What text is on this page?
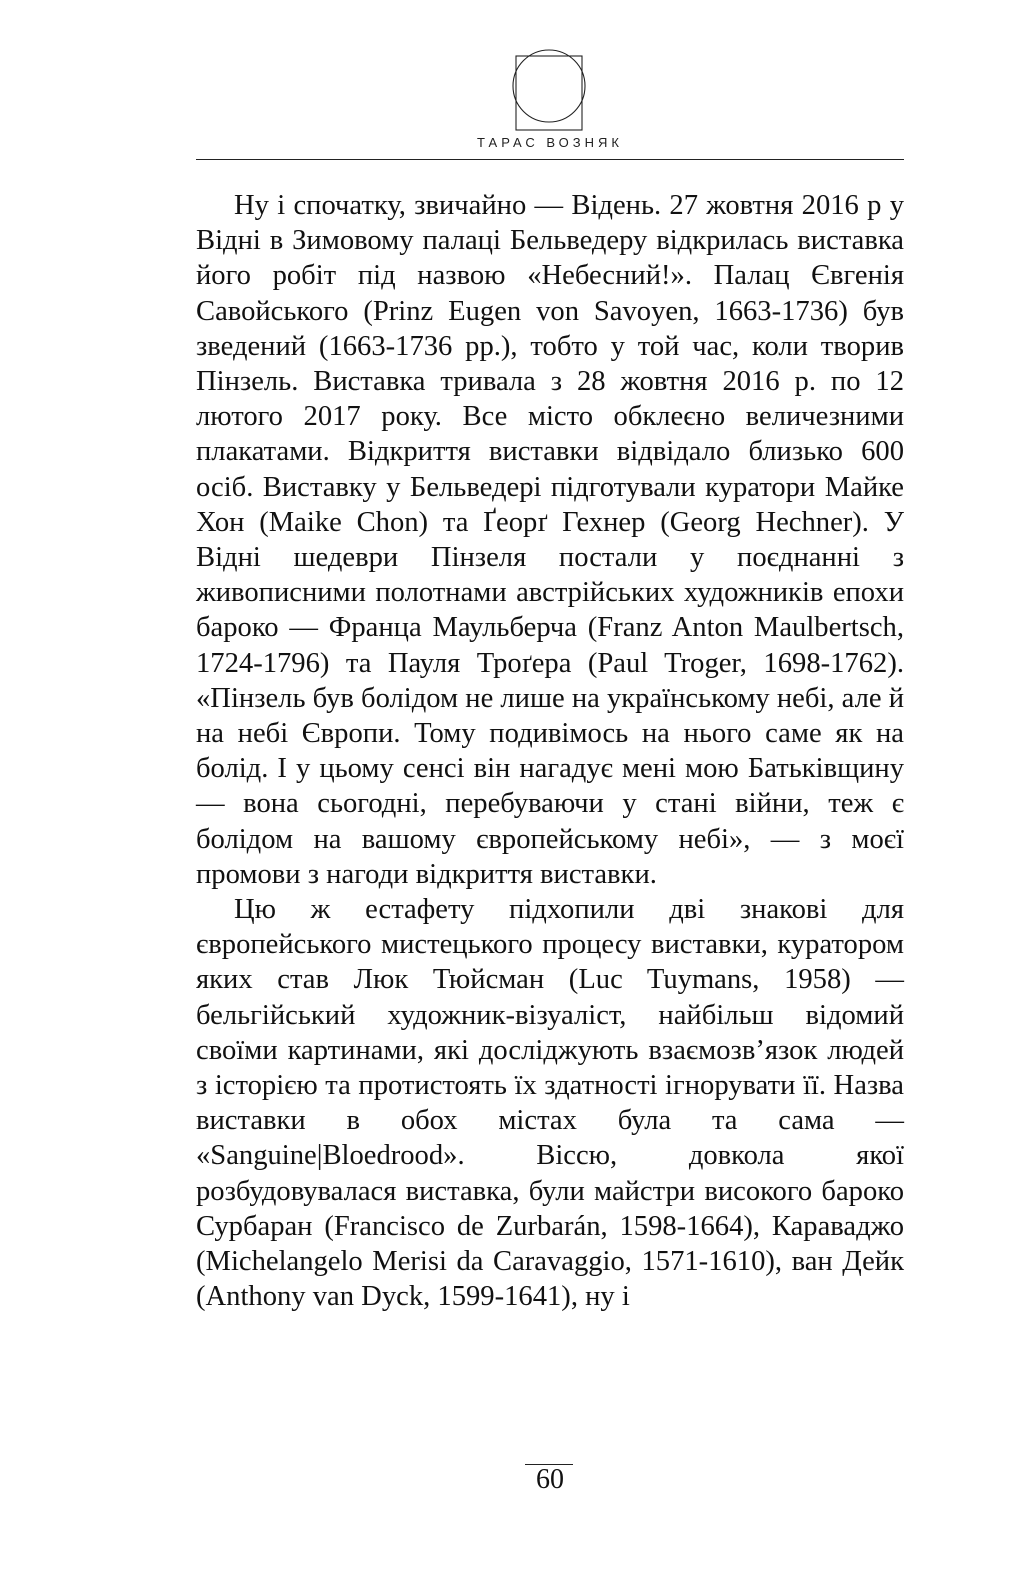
ТАРАС ВОЗНЯК

Ну і спочатку, звичайно — Відень. 27 жовтня 2016 р у Відні в Зимовому палаці Бельведеру відкрилась виставка його робіт під назвою «Небесний!». Палац Євгенія Савойського (Prinz Eugen von Savoyen, 1663-1736) був зведений (1663-1736 рр.), тобто у той час, коли творив Пінзель. Виставка тривала з 28 жовтня 2016 р. по 12 лютого 2017 року. Все місто обклеєно величезними плакатами. Відкриття виставки відвідало близько 600 осіб. Виставку у Бельведері підготували куратори Майке Хон (Maike Chon) та Ґеорґ Гехнер (Georg Hechner). У Відні шедеври Пінзеля постали у поєднанні з живописними полотнами австрійських художників епохи бароко — Франца Маульберча (Franz Anton Maulbertsch, 1724-1796) та Пауля Троґера (Paul Troger, 1698-1762). «Пінзель був болідом не лише на українському небі, але й на небі Європи. Тому подивімось на нього саме як на болід. І у цьому сенсі він нагадує мені мою Батьківщину — вона сьогодні, перебуваючи у стані війни, теж є болідом на вашому європейському небі», — з моєї промови з нагоди відкриття виставки.

Цю ж естафету підхопили дві знакові для європейського мистецького процесу виставки, куратором яких став Люк Тюйсман (Luc Tuymans, 1958) — бельгійський художник-візуаліст, найбільш відомий своїми картинами, які досліджують взаємозв’язок людей з історією та протистоять їх здатності ігнорувати її. Назва виставки в обох містах була та сама — «Sanguine|Bloedrood». Віссю, довкола якої розбудовувалася виставка, були майстри високого бароко Сурбаран (Francisco de Zurbarán, 1598-1664), Караваджо (Michelangelo Merisi da Caravaggio, 1571-1610), ван Дейк (Anthony van Dyck, 1599-1641), ну і

60
